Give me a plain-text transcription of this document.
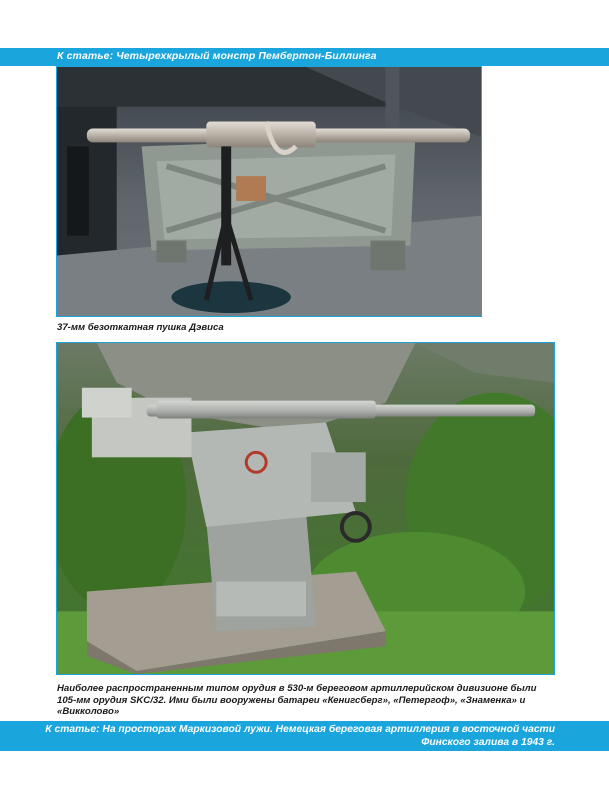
К статье: Четырехкрылый монстр Пембертон-Биллинга
37-мм безоткатная пушка Дэвиса
Наиболее распространенным типом орудия в 530-м береговом артиллерийском дивизионе были 105-мм орудия SKC/32. Ими были вооружены батареи «Кенигсберг», «Петергоф», «Знаменка» и «Викколово»
К статье: На просторах Маркизовой лужи. Немецкая береговая артиллерия в восточной части
Финского залива в 1943 г.
